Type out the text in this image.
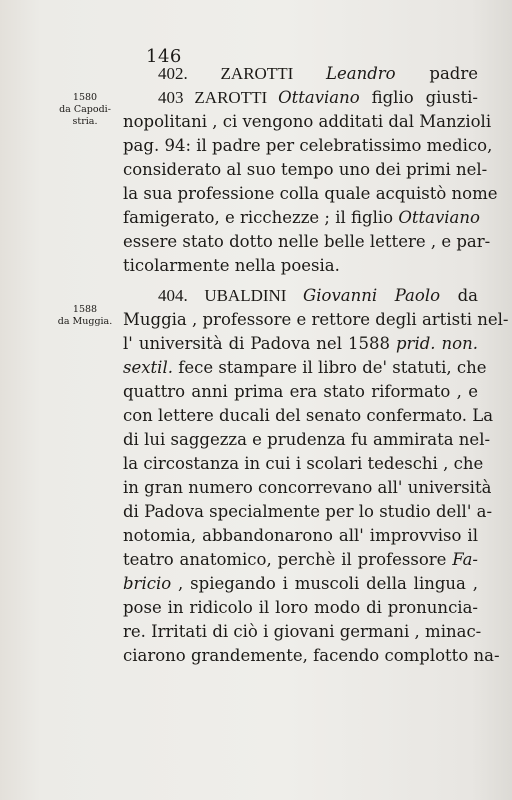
146
1580
da Capodi-
stria.
1588
da Muggia.
402. ZAROTTI Leandro padre
403 ZAROTTI Ottaviano figlio giusti-
nopolitani , ci vengono additati dal Manzioli
pag. 94: il padre per celebratissimo medico,
considerato al suo tempo uno dei primi nel-
la sua professione colla quale acquistò nome
famigerato, e ricchezze ; il figlio Ottaviano
essere stato dotto nelle belle lettere , e par-
ticolarmente nella poesia.
404. UBALDINI Giovanni Paolo da
Muggia , professore e rettore degli artisti nel-
l' università di Padova nel 1588 prid. non.
sextil. fece stampare il libro de' statuti, che
quattro anni prima era stato riformato , e
con lettere ducali del senato confermato. La
di lui saggezza e prudenza fu ammirata nel-
la circostanza in cui i scolari tedeschi , che
in gran numero concorrevano all' università
di Padova specialmente per lo studio dell' a-
notomia, abbandonarono all' improvviso il
teatro anatomico, perchè il professore Fa-
bricio , spiegando i muscoli della lingua ,
pose in ridicolo il loro modo di pronuncia-
re. Irritati di ciò i giovani germani , minac-
ciarono grandemente, facendo complotto na-
